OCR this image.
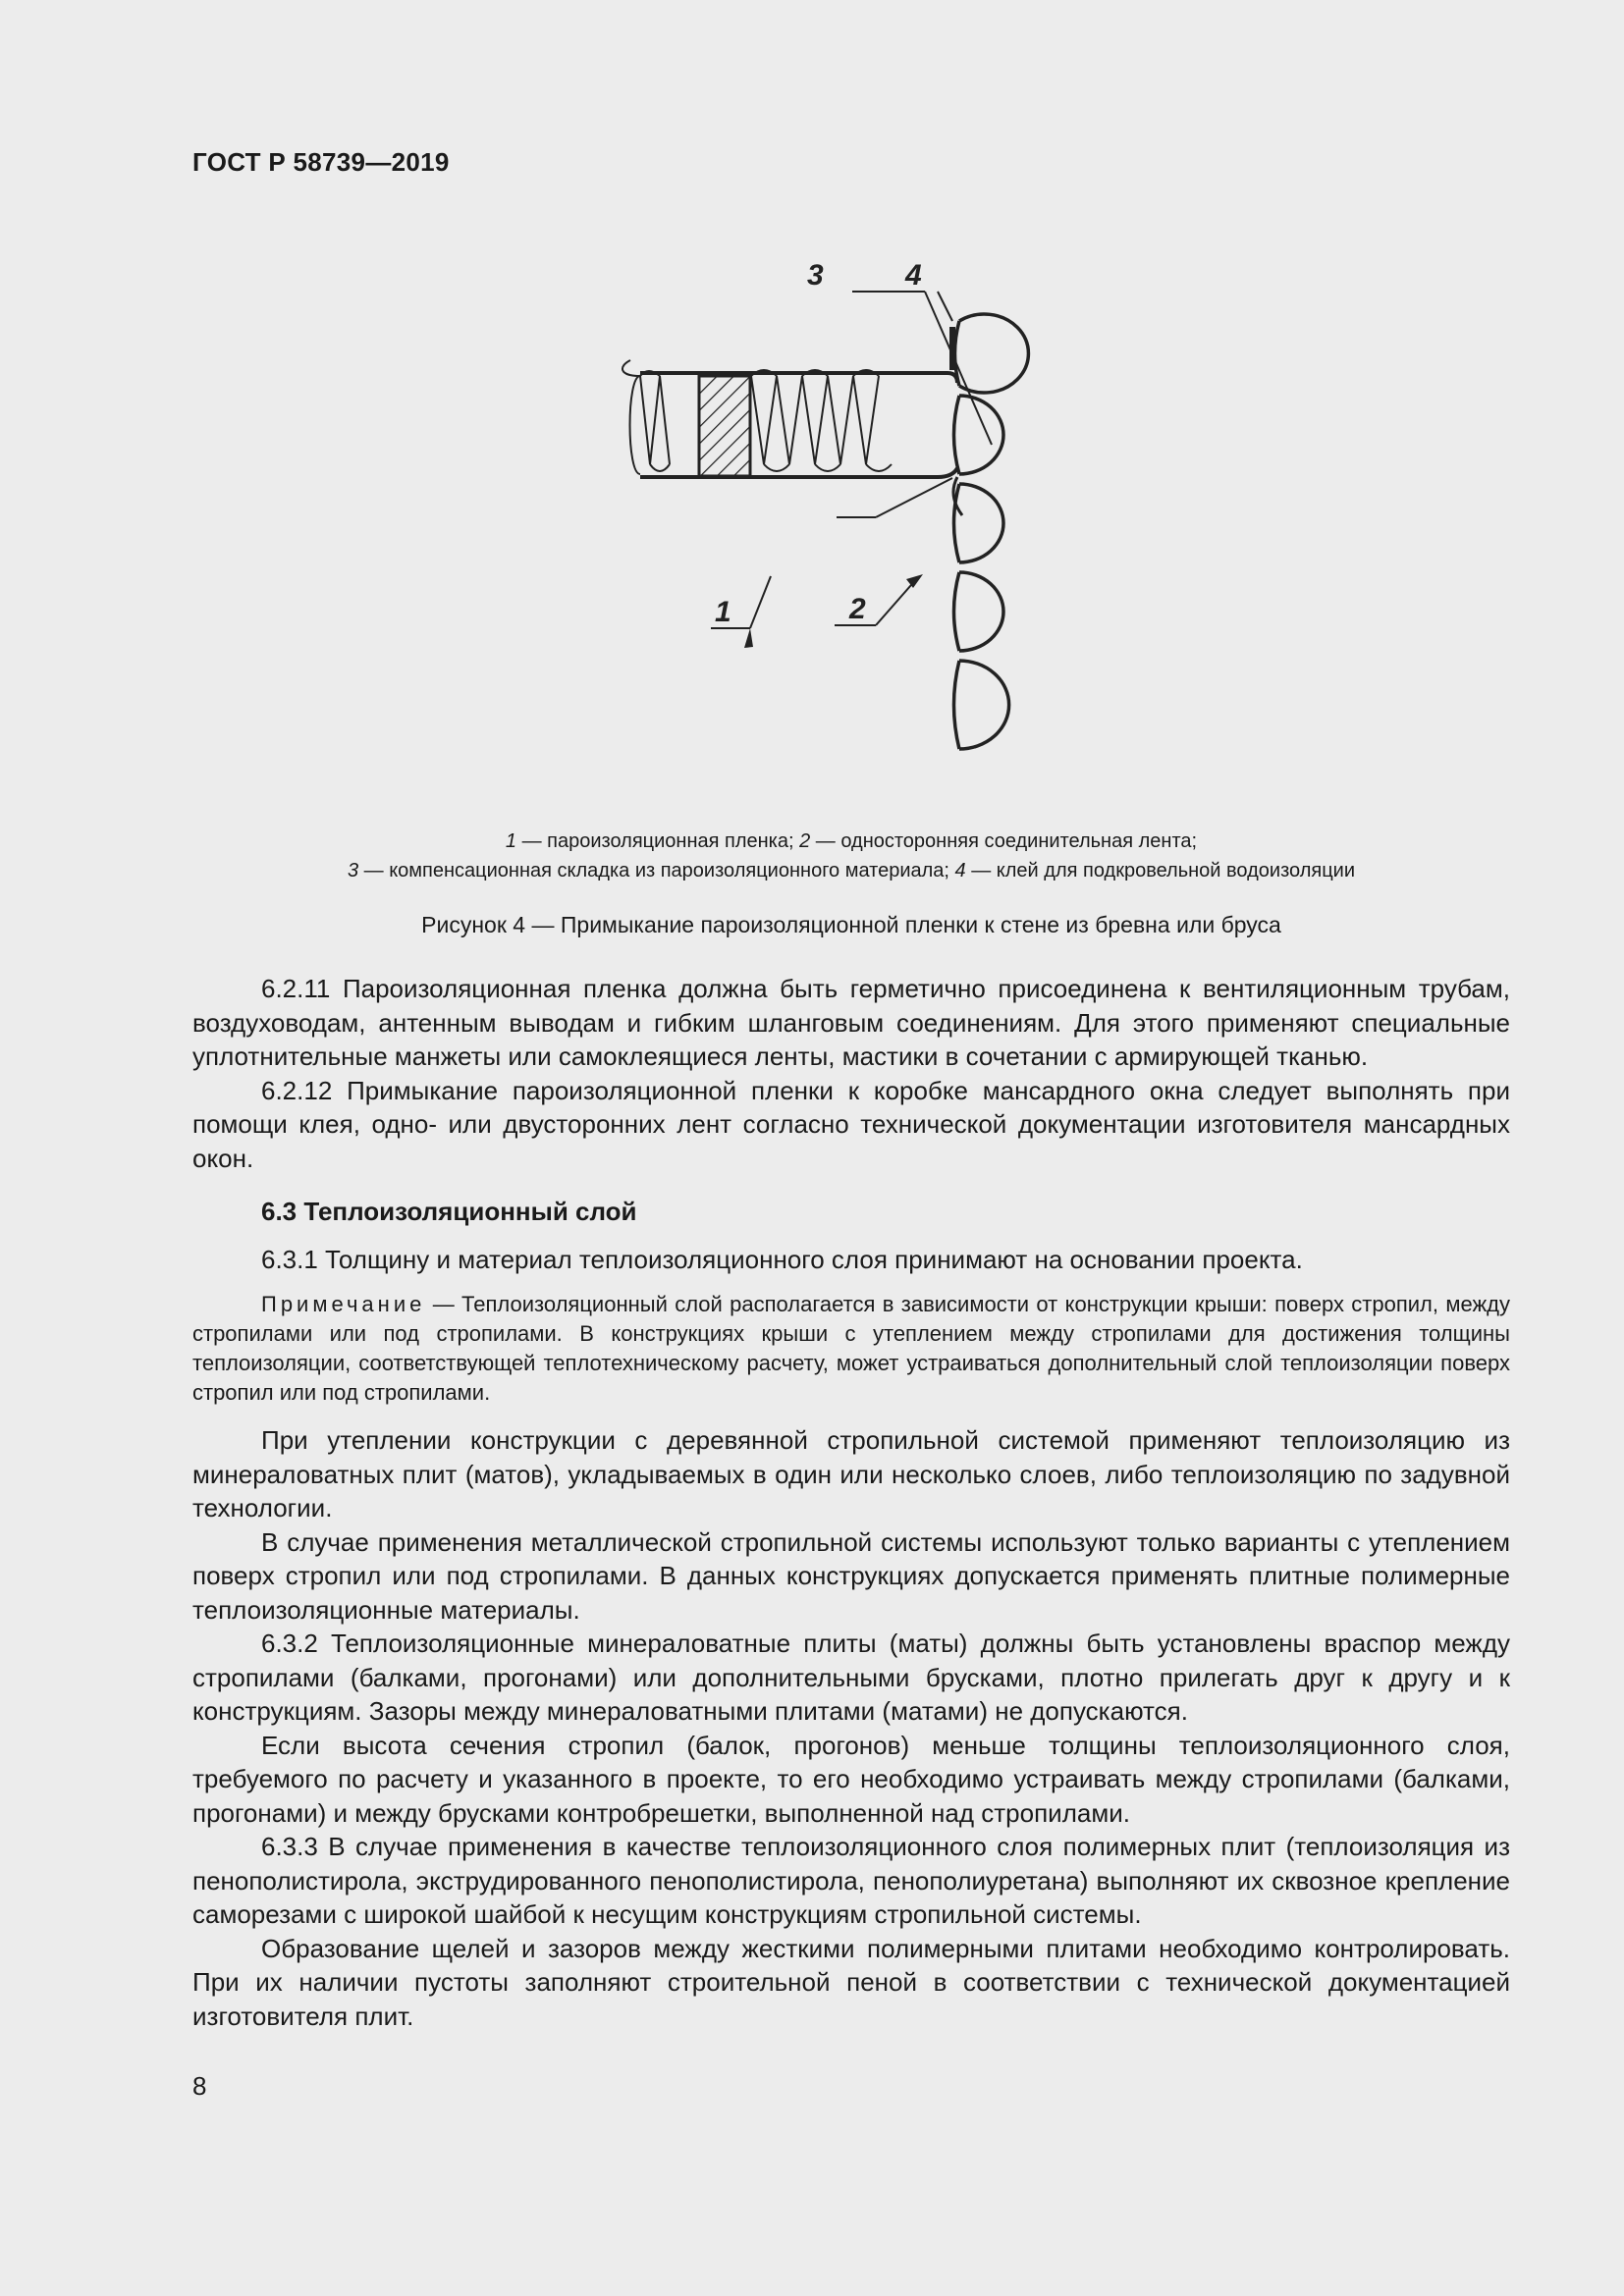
ГОСТ Р 58739—2019
1	2
3	4
1 — пароизоляционная пленка; 2 — односторонняя соединительная лента;
3 — компенсационная складка из пароизоляционного материала; 4 — клей для подкровельной водоизоляции
Рисунок 4 — Примыкание пароизоляционной пленки к стене из бревна или бруса

6.2.11 Пароизоляционная пленка должна быть герметично присоединена к вентиляционным трубам, воздуховодам, антенным выводам и гибким шланговым соединениям. Для этого применяют специальные уплотнительные манжеты или самоклеящиеся ленты, мастики в сочетании с армирующей тканью.

6.2.12 Примыкание пароизоляционной пленки к коробке мансардного окна следует выполнять при помощи клея, одно- или двусторонних лент согласно технической документации изготовителя мансардных окон.

6.3 Теплоизоляционный слой

6.3.1 Толщину и материал теплоизоляционного слоя принимают на основании проекта.

Примечание — Теплоизоляционный слой располагается в зависимости от конструкции крыши: поверх стропил, между стропилами или под стропилами. В конструкциях крыши с утеплением между стропилами для достижения толщины теплоизоляции, соответствующей теплотехническому расчету, может устраиваться дополнительный слой теплоизоляции поверх стропил или под стропилами.

При утеплении конструкции с деревянной стропильной системой применяют теплоизоляцию из минераловатных плит (матов), укладываемых в один или несколько слоев, либо теплоизоляцию по задувной технологии.

В случае применения металлической стропильной системы используют только варианты с утеплением поверх стропил или под стропилами. В данных конструкциях допускается применять плитные полимерные теплоизоляционные материалы.

6.3.2 Теплоизоляционные минераловатные плиты (маты) должны быть установлены враспор между стропилами (балками, прогонами) или дополнительными брусками, плотно прилегать друг к другу и к конструкциям. Зазоры между минераловатными плитами (матами) не допускаются.

Если высота сечения стропил (балок, прогонов) меньше толщины теплоизоляционного слоя, требуемого по расчету и указанного в проекте, то его необходимо устраивать между стропилами (балками, прогонами) и между брусками контробрешетки, выполненной над стропилами.

6.3.3 В случае применения в качестве теплоизоляционного слоя полимерных плит (теплоизоляция из пенополистирола, экструдированного пенополистирола, пенополиуретана) выполняют их сквозное крепление саморезами с широкой шайбой к несущим конструкциям стропильной системы.

Образование щелей и зазоров между жесткими полимерными плитами необходимо контролировать. При их наличии пустоты заполняют строительной пеной в соответствии с технической документацией изготовителя плит.

8
